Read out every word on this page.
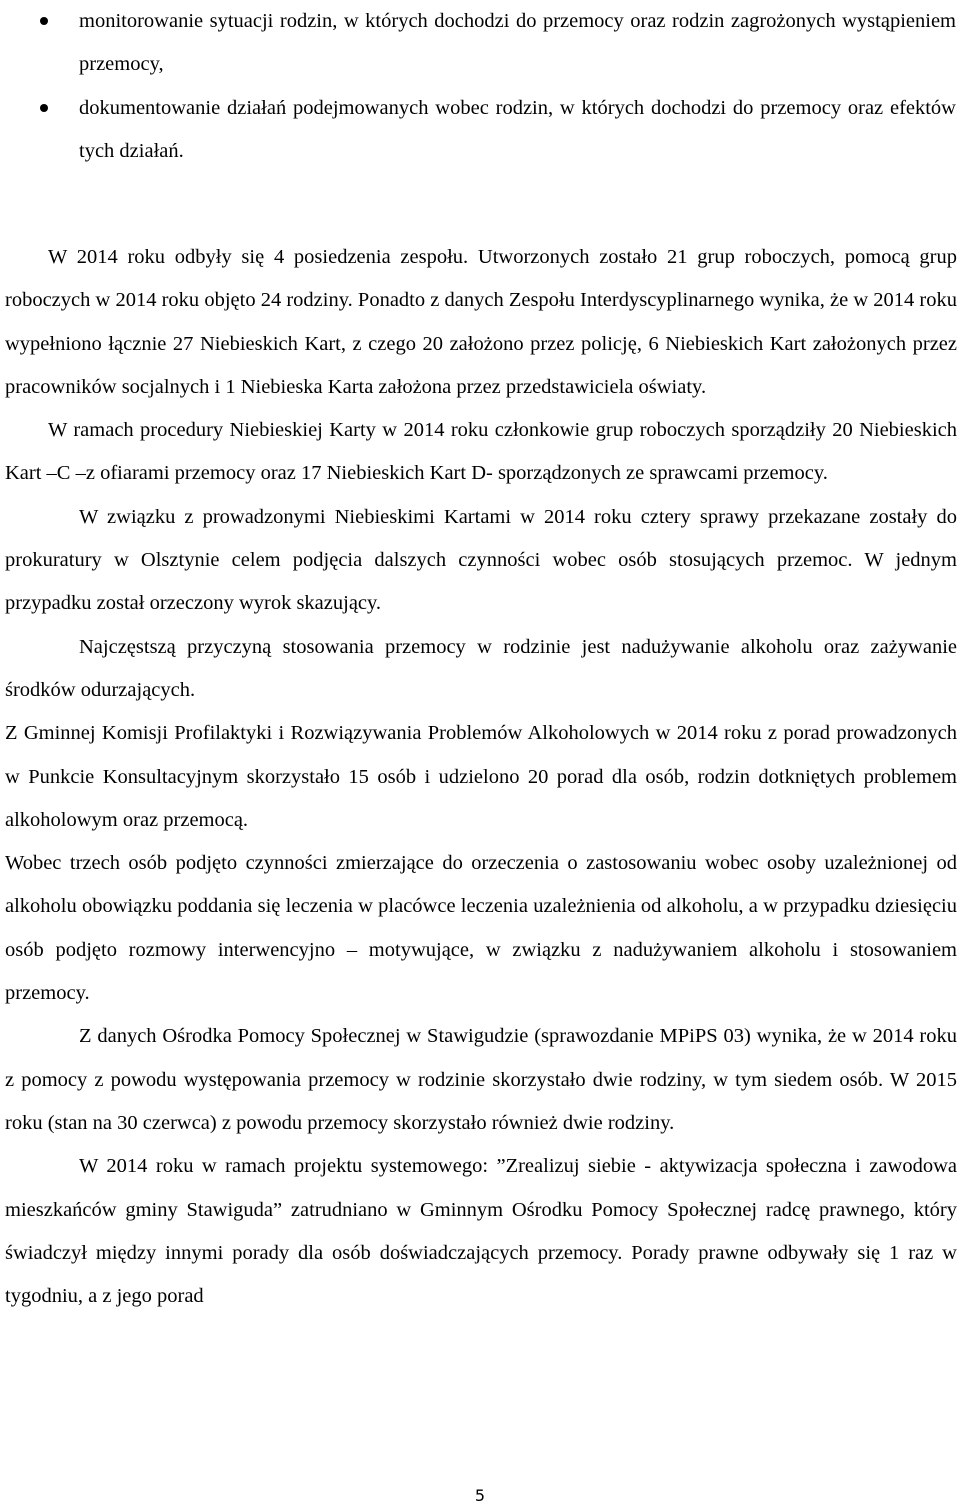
monitorowanie sytuacji rodzin, w których dochodzi do przemocy oraz rodzin zagrożonych wystąpieniem przemocy,
dokumentowanie działań podejmowanych wobec rodzin, w których dochodzi do przemocy oraz efektów tych działań.

W 2014 roku odbyły się 4 posiedzenia zespołu. Utworzonych zostało 21 grup roboczych, pomocą grup roboczych w 2014 roku objęto 24 rodziny. Ponadto z danych Zespołu Interdyscyplinarnego wynika, że w 2014 roku wypełniono łącznie 27 Niebieskich Kart, z czego 20 założono przez policję, 6 Niebieskich Kart założonych przez pracowników socjalnych i 1 Niebieska Karta założona przez przedstawiciela oświaty.

W ramach procedury Niebieskiej Karty w 2014 roku członkowie grup roboczych sporządziły 20 Niebieskich Kart –C –z ofiarami przemocy oraz 17 Niebieskich Kart D- sporządzonych ze sprawcami przemocy.

W związku z prowadzonymi Niebieskimi Kartami w 2014 roku cztery sprawy przekazane zostały do prokuratury w Olsztynie celem podjęcia dalszych czynności wobec osób stosujących przemoc. W jednym przypadku został orzeczony wyrok skazujący.

Najczęstszą przyczyną stosowania przemocy w rodzinie jest nadużywanie alkoholu oraz zażywanie środków odurzających.

Z Gminnej Komisji Profilaktyki i Rozwiązywania Problemów Alkoholowych w 2014 roku z porad prowadzonych w Punkcie Konsultacyjnym skorzystało 15 osób i udzielono 20 porad dla osób, rodzin dotkniętych problemem alkoholowym oraz przemocą.

Wobec trzech osób podjęto czynności zmierzające do orzeczenia o zastosowaniu wobec osoby uzależnionej od alkoholu obowiązku poddania się leczenia w placówce leczenia uzależnienia od alkoholu, a w przypadku dziesięciu osób podjęto rozmowy interwencyjno – motywujące, w związku z nadużywaniem alkoholu i stosowaniem przemocy.

Z danych Ośrodka Pomocy Społecznej w Stawigudzie (sprawozdanie MPiPS 03) wynika, że w 2014 roku z pomocy z powodu występowania przemocy w rodzinie skorzystało dwie rodziny, w tym siedem osób. W 2015 roku (stan na 30 czerwca) z powodu przemocy skorzystało również dwie rodziny.

W 2014 roku w ramach projektu systemowego: ”Zrealizuj siebie - aktywizacja społeczna i zawodowa mieszkańców gminy Stawiguda” zatrudniano w Gminnym Ośrodku Pomocy Społecznej radcę prawnego, który świadczył między innymi porady dla osób doświadczających przemocy. Porady prawne odbywały się 1 raz w tygodniu, a z jego porad

5
